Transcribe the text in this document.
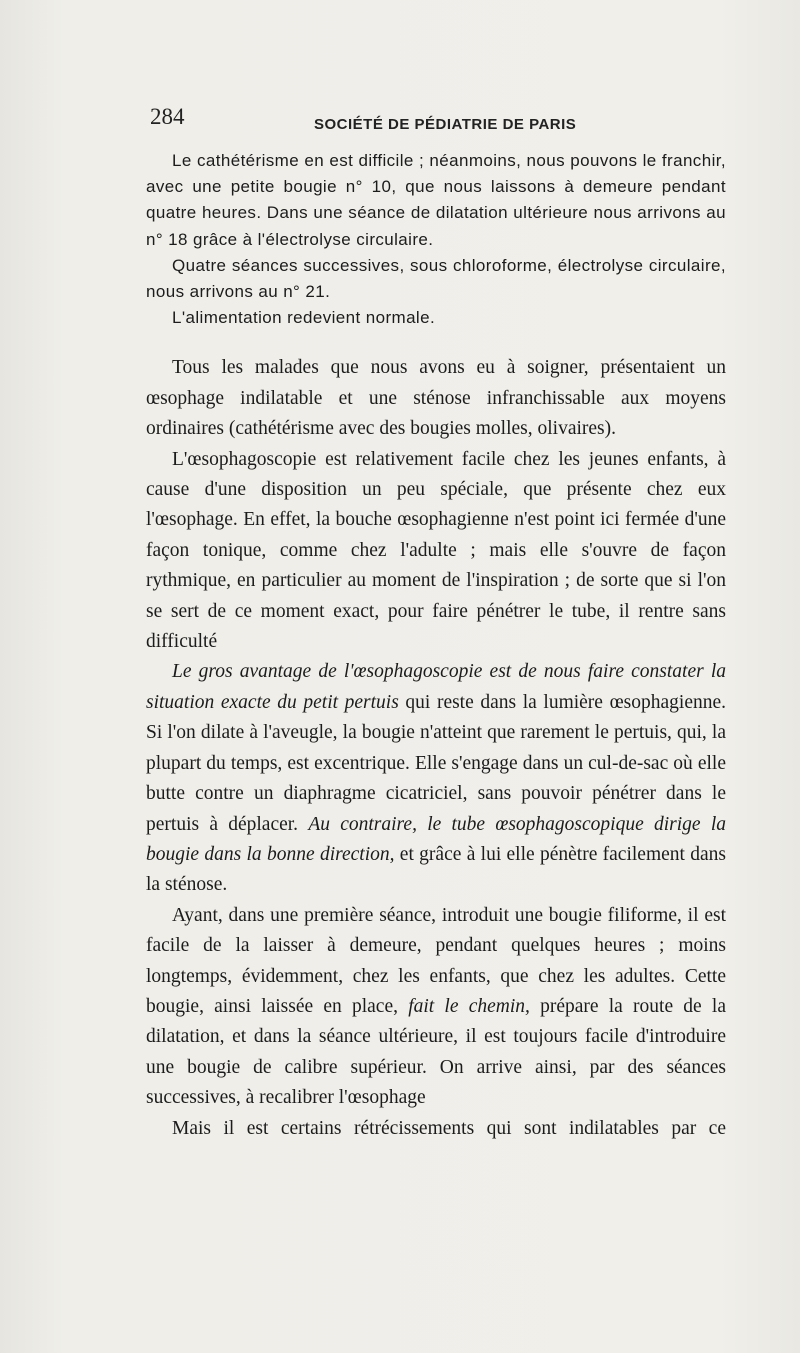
284	SOCIÉTÉ DE PÉDIATRIE DE PARIS

Le cathétérisme en est difficile ; néanmoins, nous pouvons le franchir, avec une petite bougie n° 10, que nous laissons à demeure pendant quatre heures. Dans une séance de dilatation ultérieure nous arrivons au n° 18 grâce à l'électrolyse circulaire.

Quatre séances successives, sous chloroforme, électrolyse circulaire, nous arrivons au n° 21.

L'alimentation redevient normale.

Tous les malades que nous avons eu à soigner, présentaient un œsophage indilatable et une sténose infranchissable aux moyens ordinaires (cathétérisme avec des bougies molles, olivaires).

L'œsophagoscopie est relativement facile chez les jeunes enfants, à cause d'une disposition un peu spéciale, que présente chez eux l'œsophage. En effet, la bouche œsophagienne n'est point ici fermée d'une façon tonique, comme chez l'adulte ; mais elle s'ouvre de façon rythmique, en particulier au moment de l'inspiration ; de sorte que si l'on se sert de ce moment exact, pour faire pénétrer le tube, il rentre sans difficulté

Le gros avantage de l'œsophagoscopie est de nous faire constater la situation exacte du petit pertuis qui reste dans la lumière œsophagienne. Si l'on dilate à l'aveugle, la bougie n'atteint que rarement le pertuis, qui, la plupart du temps, est excentrique. Elle s'engage dans un cul-de-sac où elle butte contre un diaphragme cicatriciel, sans pouvoir pénétrer dans le pertuis à déplacer. Au contraire, le tube œsophagoscopique dirige la bougie dans la bonne direction, et grâce à lui elle pénètre facilement dans la sténose.

Ayant, dans une première séance, introduit une bougie filiforme, il est facile de la laisser à demeure, pendant quelques heures ; moins longtemps, évidemment, chez les enfants, que chez les adultes. Cette bougie, ainsi laissée en place, fait le chemin, prépare la route de la dilatation, et dans la séance ultérieure, il est toujours facile d'introduire une bougie de calibre supérieur. On arrive ainsi, par des séances successives, à recalibrer l'œsophage

Mais il est certains rétrécissements qui sont indilatables par ce
